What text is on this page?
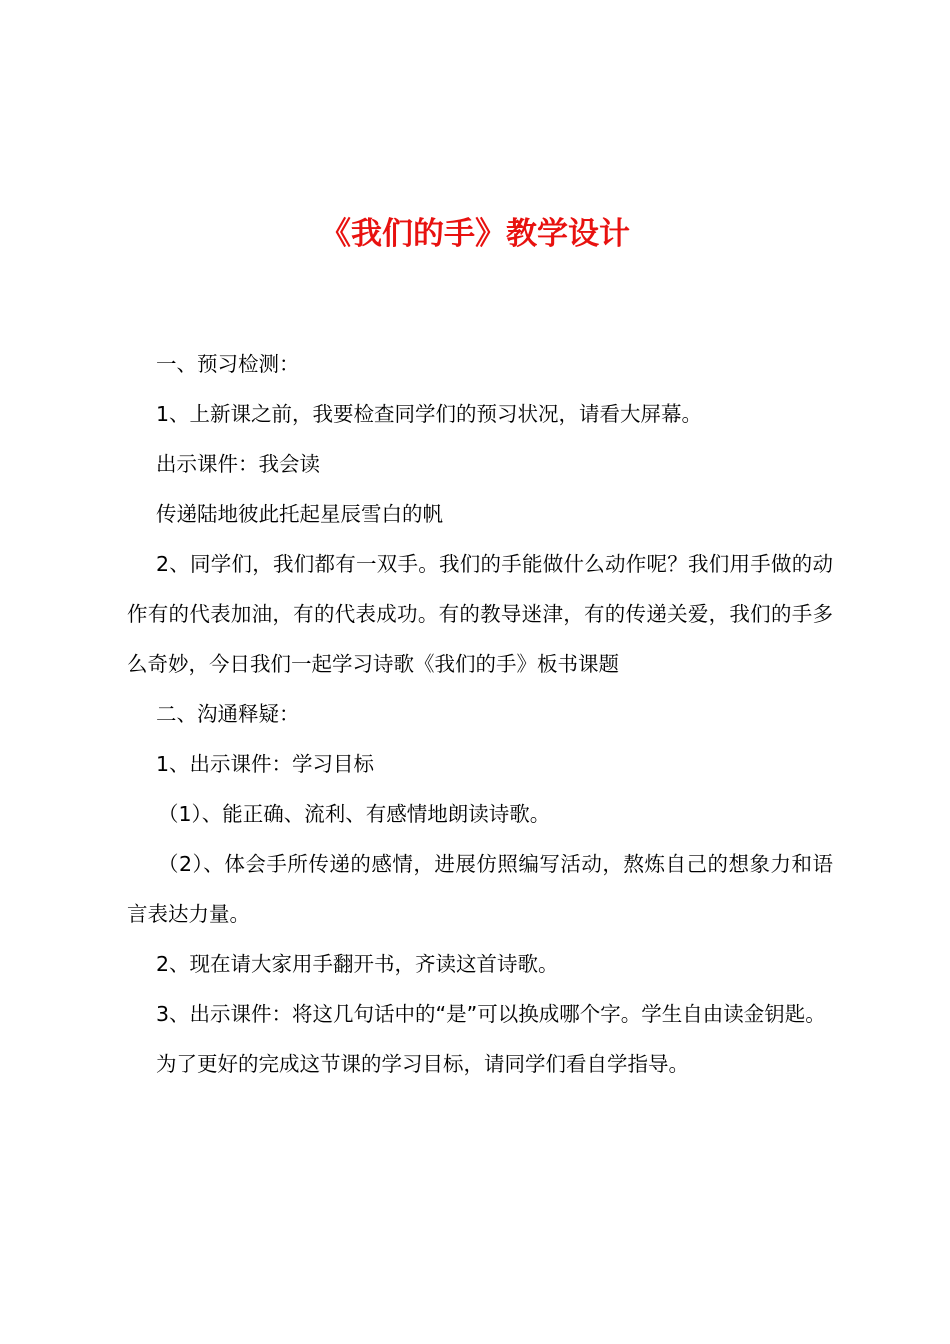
《我们的手》教学设计

一、预习检测：

1、上新课之前，我要检查同学们的预习状况，请看大屏幕。

出示课件：我会读

传递陆地彼此托起星辰雪白的帆

2、同学们，我们都有一双手。我们的手能做什么动作呢？我们用手做的动作有的代表加油，有的代表成功。有的教导迷津，有的传递关爱，我们的手多么奇妙，今日我们一起学习诗歌《我们的手》板书课题

二、沟通释疑：

1、出示课件：学习目标

（1）、能正确、流利、有感情地朗读诗歌。

（2）、体会手所传递的感情，进展仿照编写活动，熬炼自己的想象力和语言表达力量。

2、现在请大家用手翻开书，齐读这首诗歌。

3、出示课件：将这几句话中的“是”可以换成哪个字。学生自由读金钥匙。

为了更好的完成这节课的学习目标，请同学们看自学指导。
